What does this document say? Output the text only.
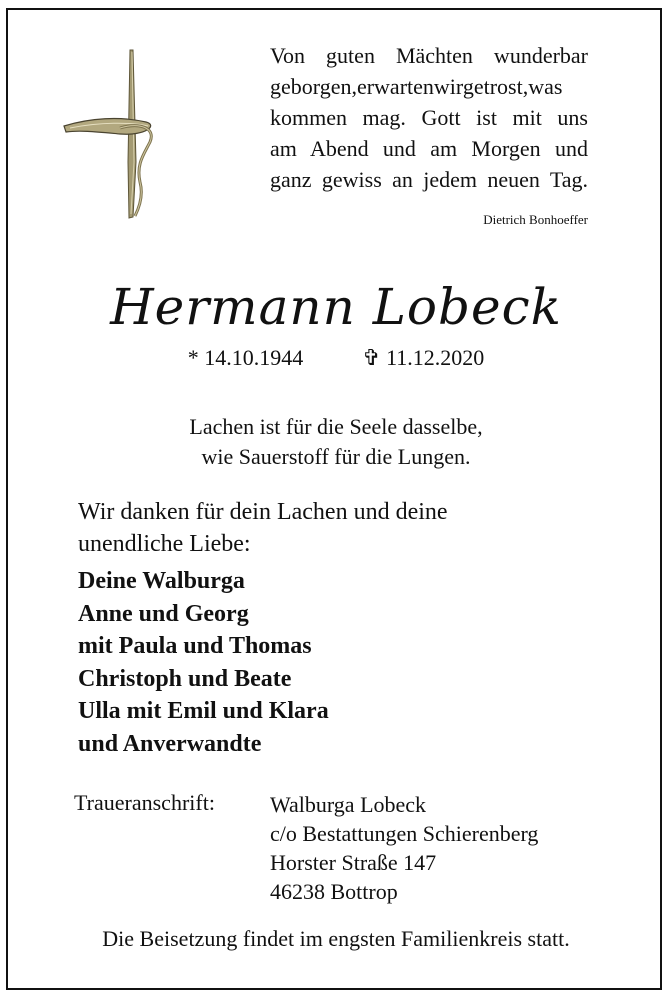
Von guten Mächten wunderbar
geborgen,erwartenwirgetrost,was
kommen mag. Gott ist mit uns
am Abend und am Morgen und
ganz gewiss an jedem neuen Tag.
Dietrich Bonhoeffer
Hermann Lobeck
* 14.10.1944	✞ 11.12.2020
Lachen ist für die Seele dasselbe,
wie Sauerstoff für die Lungen.
Wir danken für dein Lachen und deine
unendliche Liebe:
Deine Walburga
Anne und Georg
mit Paula und Thomas
Christoph und Beate
Ulla mit Emil und Klara
und Anverwandte
Traueranschrift:	Walburga Lobeck
c/o Bestattungen Schierenberg
Horster Straße 147
46238 Bottrop
Die Beisetzung findet im engsten Familienkreis statt.
